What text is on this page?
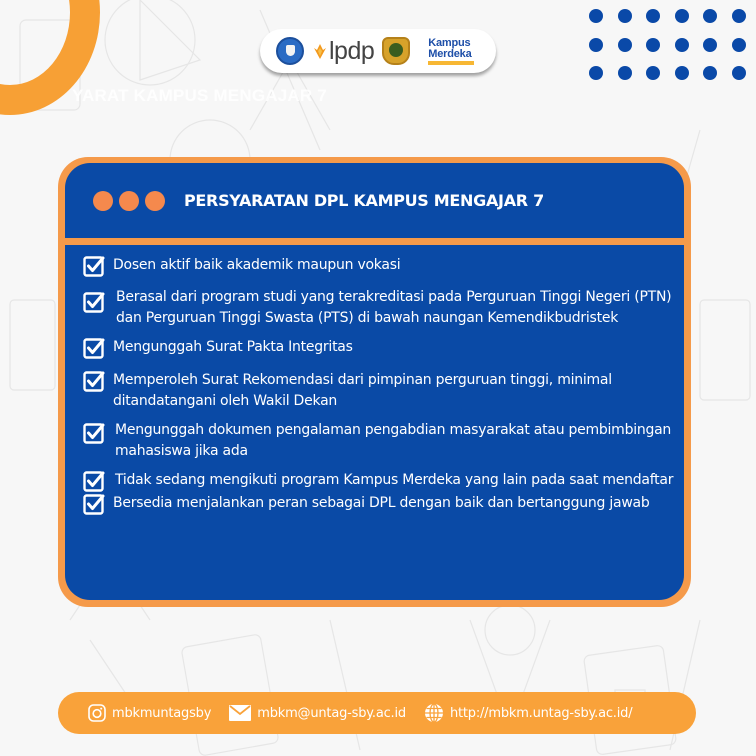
YARAT KAMPUS MENGAJAR 7
lpdp	Kampus
Merdeka
PERSYARATAN DPL KAMPUS MENGAJAR 7
Dosen aktif baik akademik maupun vokasi
Berasal dari program studi yang terakreditasi pada Perguruan Tinggi Negeri (PTN) dan Perguruan Tinggi Swasta (PTS) di bawah naungan Kemendikbudristek
Mengunggah Surat Pakta Integritas
Memperoleh Surat Rekomendasi dari pimpinan perguruan tinggi, minimal ditandatangani oleh Wakil Dekan
Mengunggah dokumen pengalaman pengabdian masyarakat atau pembimbingan mahasiswa jika ada
Tidak sedang mengikuti program Kampus Merdeka yang lain pada saat mendaftar
Bersedia menjalankan peran sebagai DPL dengan baik dan bertanggung jawab
mbkmuntagsby	mbkm@untag-sby.ac.id	http://mbkm.untag-sby.ac.id/
